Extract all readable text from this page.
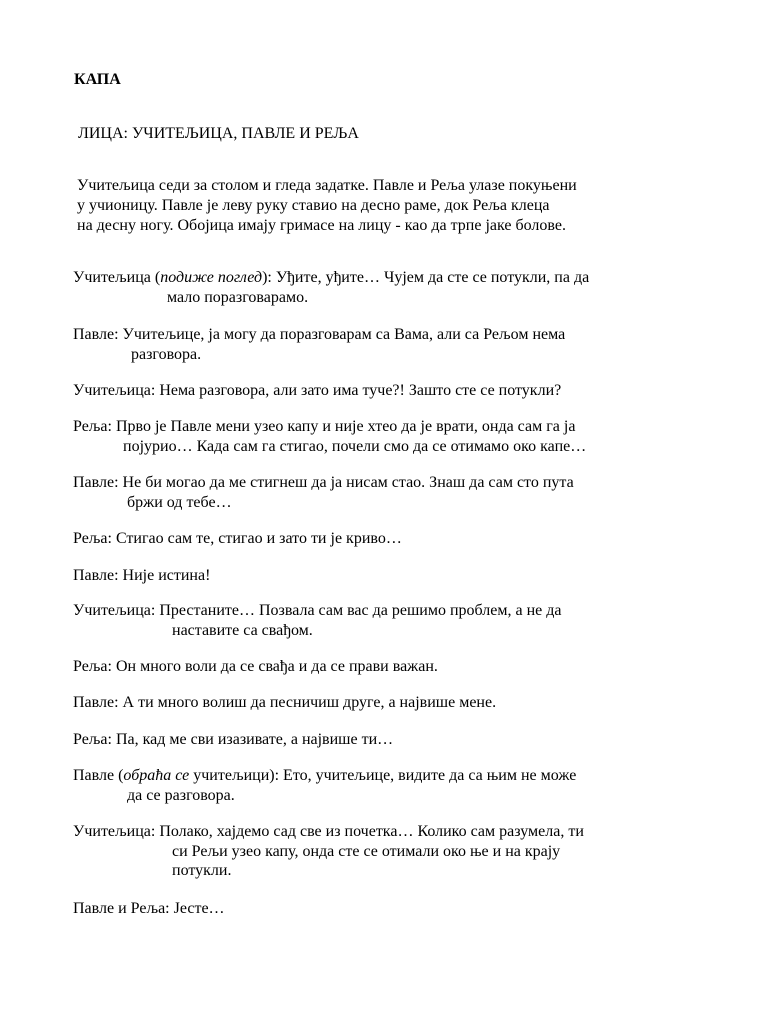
КАПА
ЛИЦА: УЧИТЕЉИЦА, ПАВЛЕ И РЕЉА
Учитељица седи за столом и гледа задатке. Павле и Реља улазе покуњени
у учионицу. Павле је леву руку ставио на десно раме, док Реља клеца
на десну ногу. Обојица имају гримасе на лицу - као да трпе јаке болове.
Учитељица (подиже поглед): Уђите, уђите… Чујем да сте се потукли, па да
мало поразговарамо.
Павле: Учитељице, ја могу да поразговарам са Вама, али са Рељом нема
разговора.
Учитељица: Нема разговора, али зато има туче?! Зашто сте се потукли?
Реља: Прво је Павле мени узео капу и није хтео да је врати, онда сам га ја
појурио… Када сам га стигао, почели смо да се отимамо око капе…
Павле: Не би могао да ме стигнеш да ја нисам стао. Знаш да сам сто пута
бржи од тебе…
Реља: Стигао сам те, стигао и зато ти је криво…
Павле: Није истина!
Учитељица: Престаните… Позвала сам вас да решимо проблем, а не да
наставите са свађом.
Реља: Он много воли да се свађа и да се прави важан.
Павле: А ти много волиш да песничиш друге, а највише мене.
Реља: Па, кад ме сви изазивате, а највише ти…
Павле (обраћа се учитељици): Ето, учитељице, видите да са њим не може
да се разговора.
Учитељица: Полако, хајдемо сад све из почетка… Колико сам разумела, ти
си Рељи узео капу, онда сте се отимали око ње и на крају
потукли.
Павле и Реља: Јесте…
